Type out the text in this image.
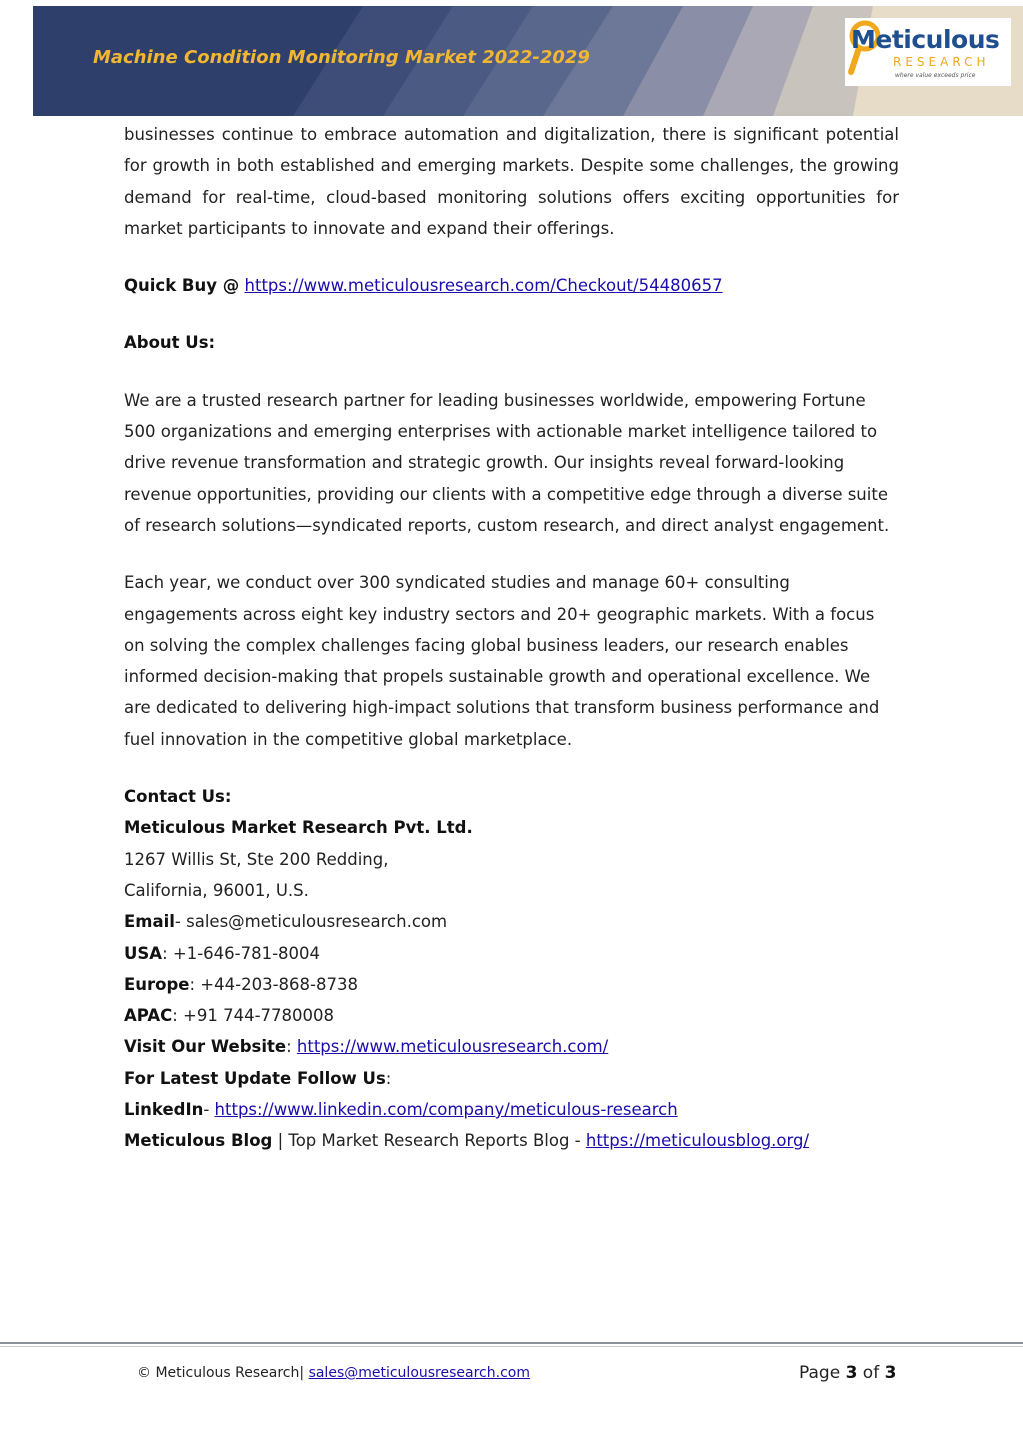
Machine Condition Monitoring Market 2022-2029
Meticulous
RESEARCH
where value exceeds price

businesses continue to embrace automation and digitalization, there is significant potential for growth in both established and emerging markets. Despite some challenges, the growing demand for real-time, cloud-based monitoring solutions offers exciting opportunities for market participants to innovate and expand their offerings.

Quick Buy @ https://www.meticulousresearch.com/Checkout/54480657

About Us:

We are a trusted research partner for leading businesses worldwide, empowering Fortune 500 organizations and emerging enterprises with actionable market intelligence tailored to drive revenue transformation and strategic growth. Our insights reveal forward-looking revenue opportunities, providing our clients with a competitive edge through a diverse suite of research solutions—syndicated reports, custom research, and direct analyst engagement.

Each year, we conduct over 300 syndicated studies and manage 60+ consulting engagements across eight key industry sectors and 20+ geographic markets. With a focus on solving the complex challenges facing global business leaders, our research enables informed decision-making that propels sustainable growth and operational excellence. We are dedicated to delivering high-impact solutions that transform business performance and fuel innovation in the competitive global marketplace.

Contact Us:

Meticulous Market Research Pvt. Ltd.

1267 Willis St, Ste 200 Redding,

California, 96001, U.S.

Email- sales@meticulousresearch.com

USA: +1-646-781-8004

Europe: +44-203-868-8738

APAC: +91 744-7780008

Visit Our Website: https://www.meticulousresearch.com/

For Latest Update Follow Us:

LinkedIn- https://www.linkedin.com/company/meticulous-research

Meticulous Blog | Top Market Research Reports Blog - https://meticulousblog.org/

© Meticulous Research| sales@meticulousresearch.com	Page 3 of 3
